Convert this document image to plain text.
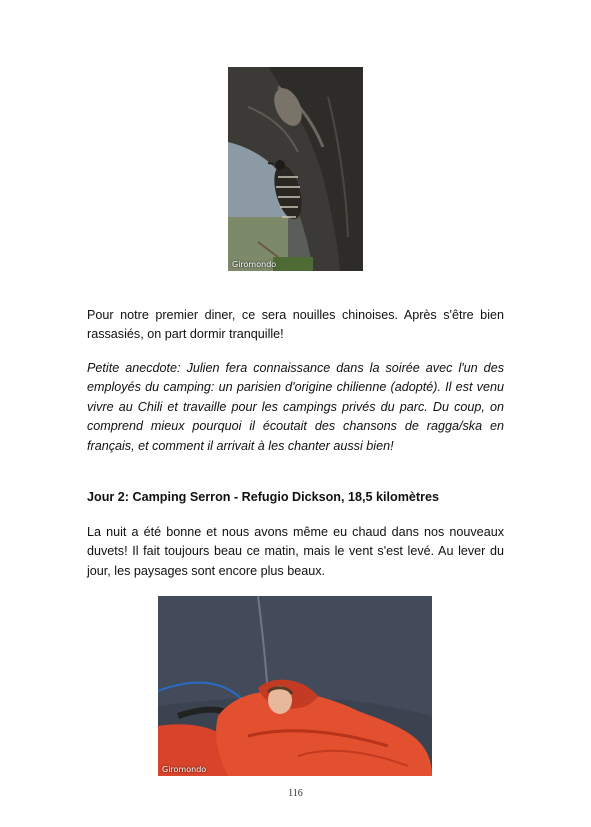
Giromondo

Pour notre premier diner, ce sera nouilles chinoises. Après s'être bien rassasiés, on part dormir tranquille!

Petite anecdote: Julien fera connaissance dans la soirée avec l'un des employés du camping: un parisien d'origine chilienne (adopté). Il est venu vivre au Chili et travaille pour les campings privés du parc. Du coup, on comprend mieux pourquoi il écoutait des chansons de ragga/ska en français, et comment il arrivait à les chanter aussi bien!

Jour 2: Camping Serron - Refugio Dickson, 18,5 kilomètres

La nuit a été bonne et nous avons même eu chaud dans nos nouveaux duvets! Il fait toujours beau ce matin, mais le vent s'est levé. Au lever du jour, les paysages sont encore plus beaux.

Giromondo
116
